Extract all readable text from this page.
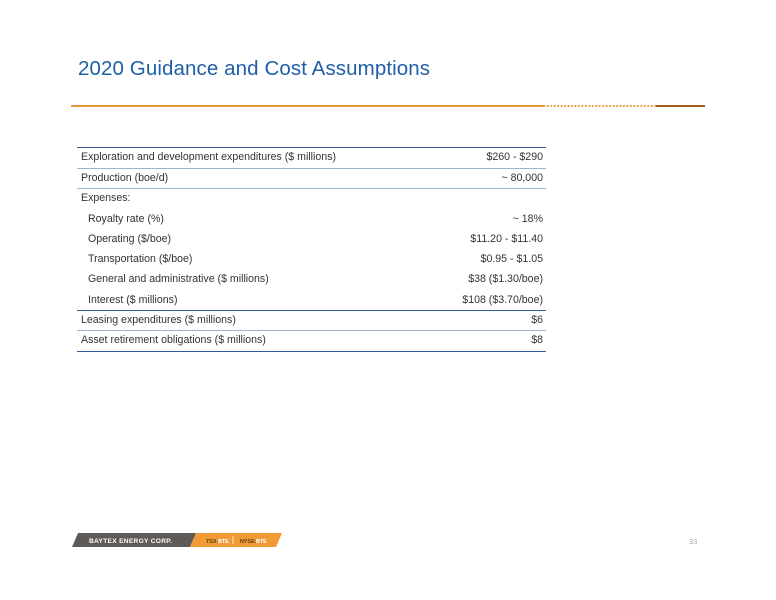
2020 Guidance and Cost Assumptions
Exploration and development expenditures ($ millions)	$260 - $290
Production (boe/d)	~ 80,000
Expenses:
Royalty rate (%)	~ 18%
Operating ($/boe)	$11.20 - $11.40
Transportation ($/boe)	$0.95 - $1.05
General and administrative ($ millions)	$38 ($1.30/boe)
Interest ($ millions)	$108 ($3.70/boe)
Leasing expenditures ($ millions)	$6
Asset retirement obligations ($ millions)	$8
BAYTEX ENERGY CORP.	TSX: BTE NYSE: BTE	33
